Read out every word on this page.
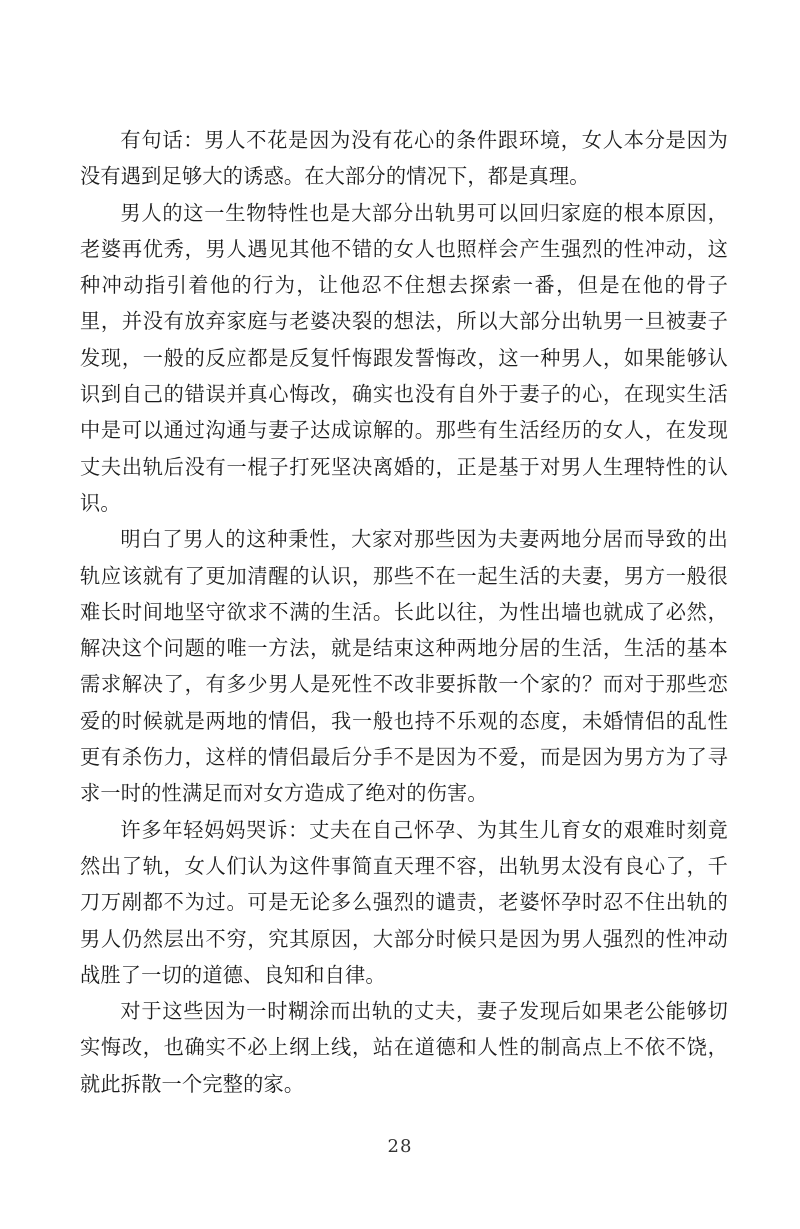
有句话：男人不花是因为没有花心的条件跟环境，女人本分是因为没有遇到足够大的诱惑。在大部分的情况下，都是真理。

男人的这一生物特性也是大部分出轨男可以回归家庭的根本原因，老婆再优秀，男人遇见其他不错的女人也照样会产生强烈的性冲动，这种冲动指引着他的行为，让他忍不住想去探索一番，但是在他的骨子里，并没有放弃家庭与老婆决裂的想法，所以大部分出轨男一旦被妻子发现，一般的反应都是反复忏悔跟发誓悔改，这一种男人，如果能够认识到自己的错误并真心悔改，确实也没有自外于妻子的心，在现实生活中是可以通过沟通与妻子达成谅解的。那些有生活经历的女人，在发现丈夫出轨后没有一棍子打死坚决离婚的，正是基于对男人生理特性的认识。

明白了男人的这种秉性，大家对那些因为夫妻两地分居而导致的出轨应该就有了更加清醒的认识，那些不在一起生活的夫妻，男方一般很难长时间地坚守欲求不满的生活。长此以往，为性出墙也就成了必然，解决这个问题的唯一方法，就是结束这种两地分居的生活，生活的基本需求解决了，有多少男人是死性不改非要拆散一个家的？而对于那些恋爱的时候就是两地的情侣，我一般也持不乐观的态度，未婚情侣的乱性更有杀伤力，这样的情侣最后分手不是因为不爱，而是因为男方为了寻求一时的性满足而对女方造成了绝对的伤害。

许多年轻妈妈哭诉：丈夫在自己怀孕、为其生儿育女的艰难时刻竟然出了轨，女人们认为这件事简直天理不容，出轨男太没有良心了，千刀万剐都不为过。可是无论多么强烈的谴责，老婆怀孕时忍不住出轨的男人仍然层出不穷，究其原因，大部分时候只是因为男人强烈的性冲动战胜了一切的道德、良知和自律。

对于这些因为一时糊涂而出轨的丈夫，妻子发现后如果老公能够切实悔改，也确实不必上纲上线，站在道德和人性的制高点上不依不饶，就此拆散一个完整的家。

28
